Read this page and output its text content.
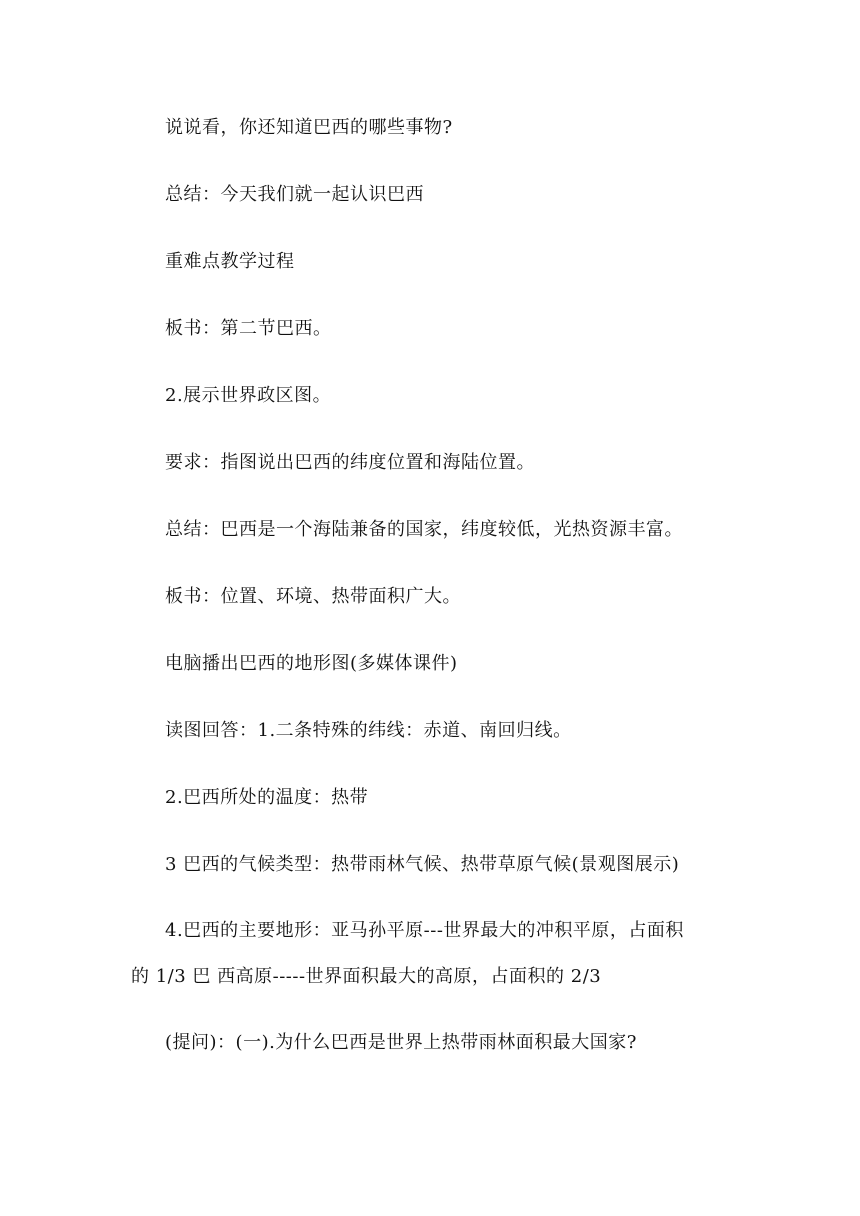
说说看，你还知道巴西的哪些事物?
总结：今天我们就一起认识巴西
重难点教学过程
板书：第二节巴西。
2.展示世界政区图。
要求：指图说出巴西的纬度位置和海陆位置。
总结：巴西是一个海陆兼备的国家，纬度较低，光热资源丰富。
板书：位置、环境、热带面积广大。
电脑播出巴西的地形图(多媒体课件)
读图回答：1.二条特殊的纬线：赤道、南回归线。
2.巴西所处的温度：热带
3 巴西的气候类型：热带雨林气候、热带草原气候(景观图展示)
4.巴西的主要地形：亚马孙平原---世界最大的冲积平原，占面积
的 1/3 巴 西高原-----世界面积最大的高原，占面积的 2/3
(提问)：(一).为什么巴西是世界上热带雨林面积最大国家?
